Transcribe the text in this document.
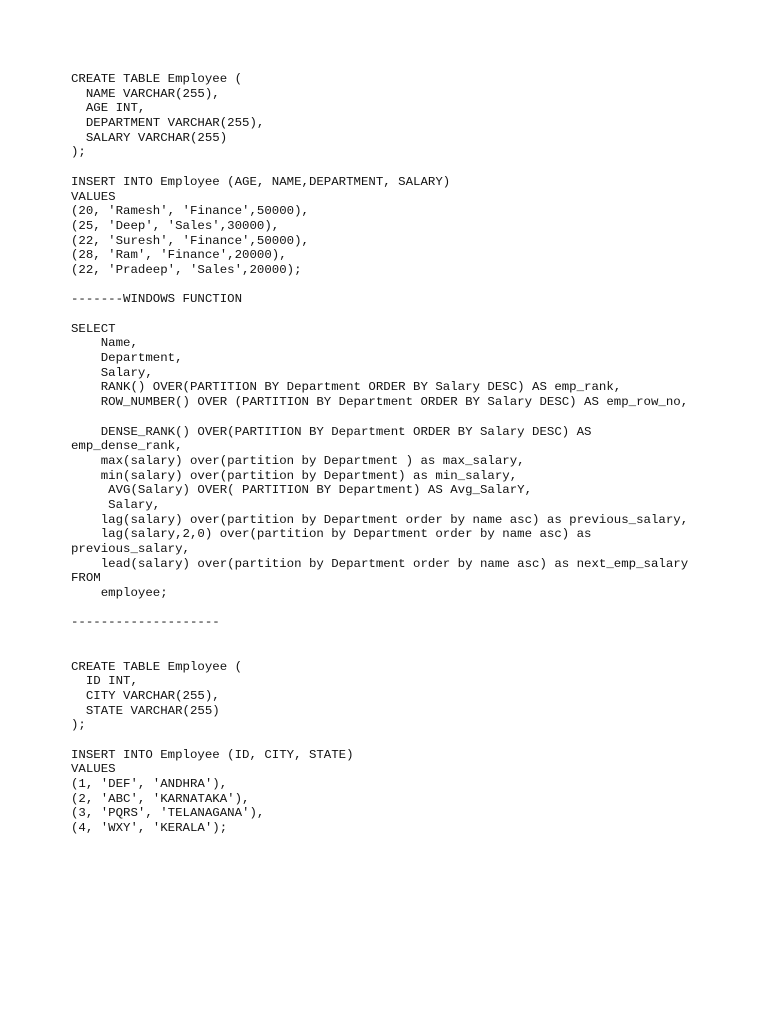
CREATE TABLE Employee (
NAME VARCHAR(255),
AGE INT,
DEPARTMENT VARCHAR(255),
SALARY VARCHAR(255)
);
INSERT INTO Employee (AGE, NAME,DEPARTMENT, SALARY)
VALUES
(20, 'Ramesh', 'Finance',50000),
(25, 'Deep', 'Sales',30000),
(22, 'Suresh', 'Finance',50000),
(28, 'Ram', 'Finance',20000),
(22, 'Pradeep', 'Sales',20000);
-------WINDOWS FUNCTION
SELECT
Name,
Department,
Salary,
RANK() OVER(PARTITION BY Department ORDER BY Salary DESC) AS emp_rank,
ROW_NUMBER() OVER (PARTITION BY Department ORDER BY Salary DESC) AS emp_row_no,
DENSE_RANK() OVER(PARTITION BY Department ORDER BY Salary DESC) AS
emp_dense_rank,
max(salary) over(partition by Department ) as max_salary,
min(salary) over(partition by Department) as min_salary,
AVG(Salary) OVER( PARTITION BY Department) AS Avg_SalarY,
Salary,
lag(salary) over(partition by Department order by name asc) as previous_salary,
lag(salary,2,0) over(partition by Department order by name asc) as
previous_salary,
lead(salary) over(partition by Department order by name asc) as next_emp_salary
FROM
employee;
--------------------
CREATE TABLE Employee (
ID INT,
CITY VARCHAR(255),
STATE VARCHAR(255)
);
INSERT INTO Employee (ID, CITY, STATE)
VALUES
(1, 'DEF', 'ANDHRA'),
(2, 'ABC', 'KARNATAKA'),
(3, 'PQRS', 'TELANAGANA'),
(4, 'WXY', 'KERALA');
